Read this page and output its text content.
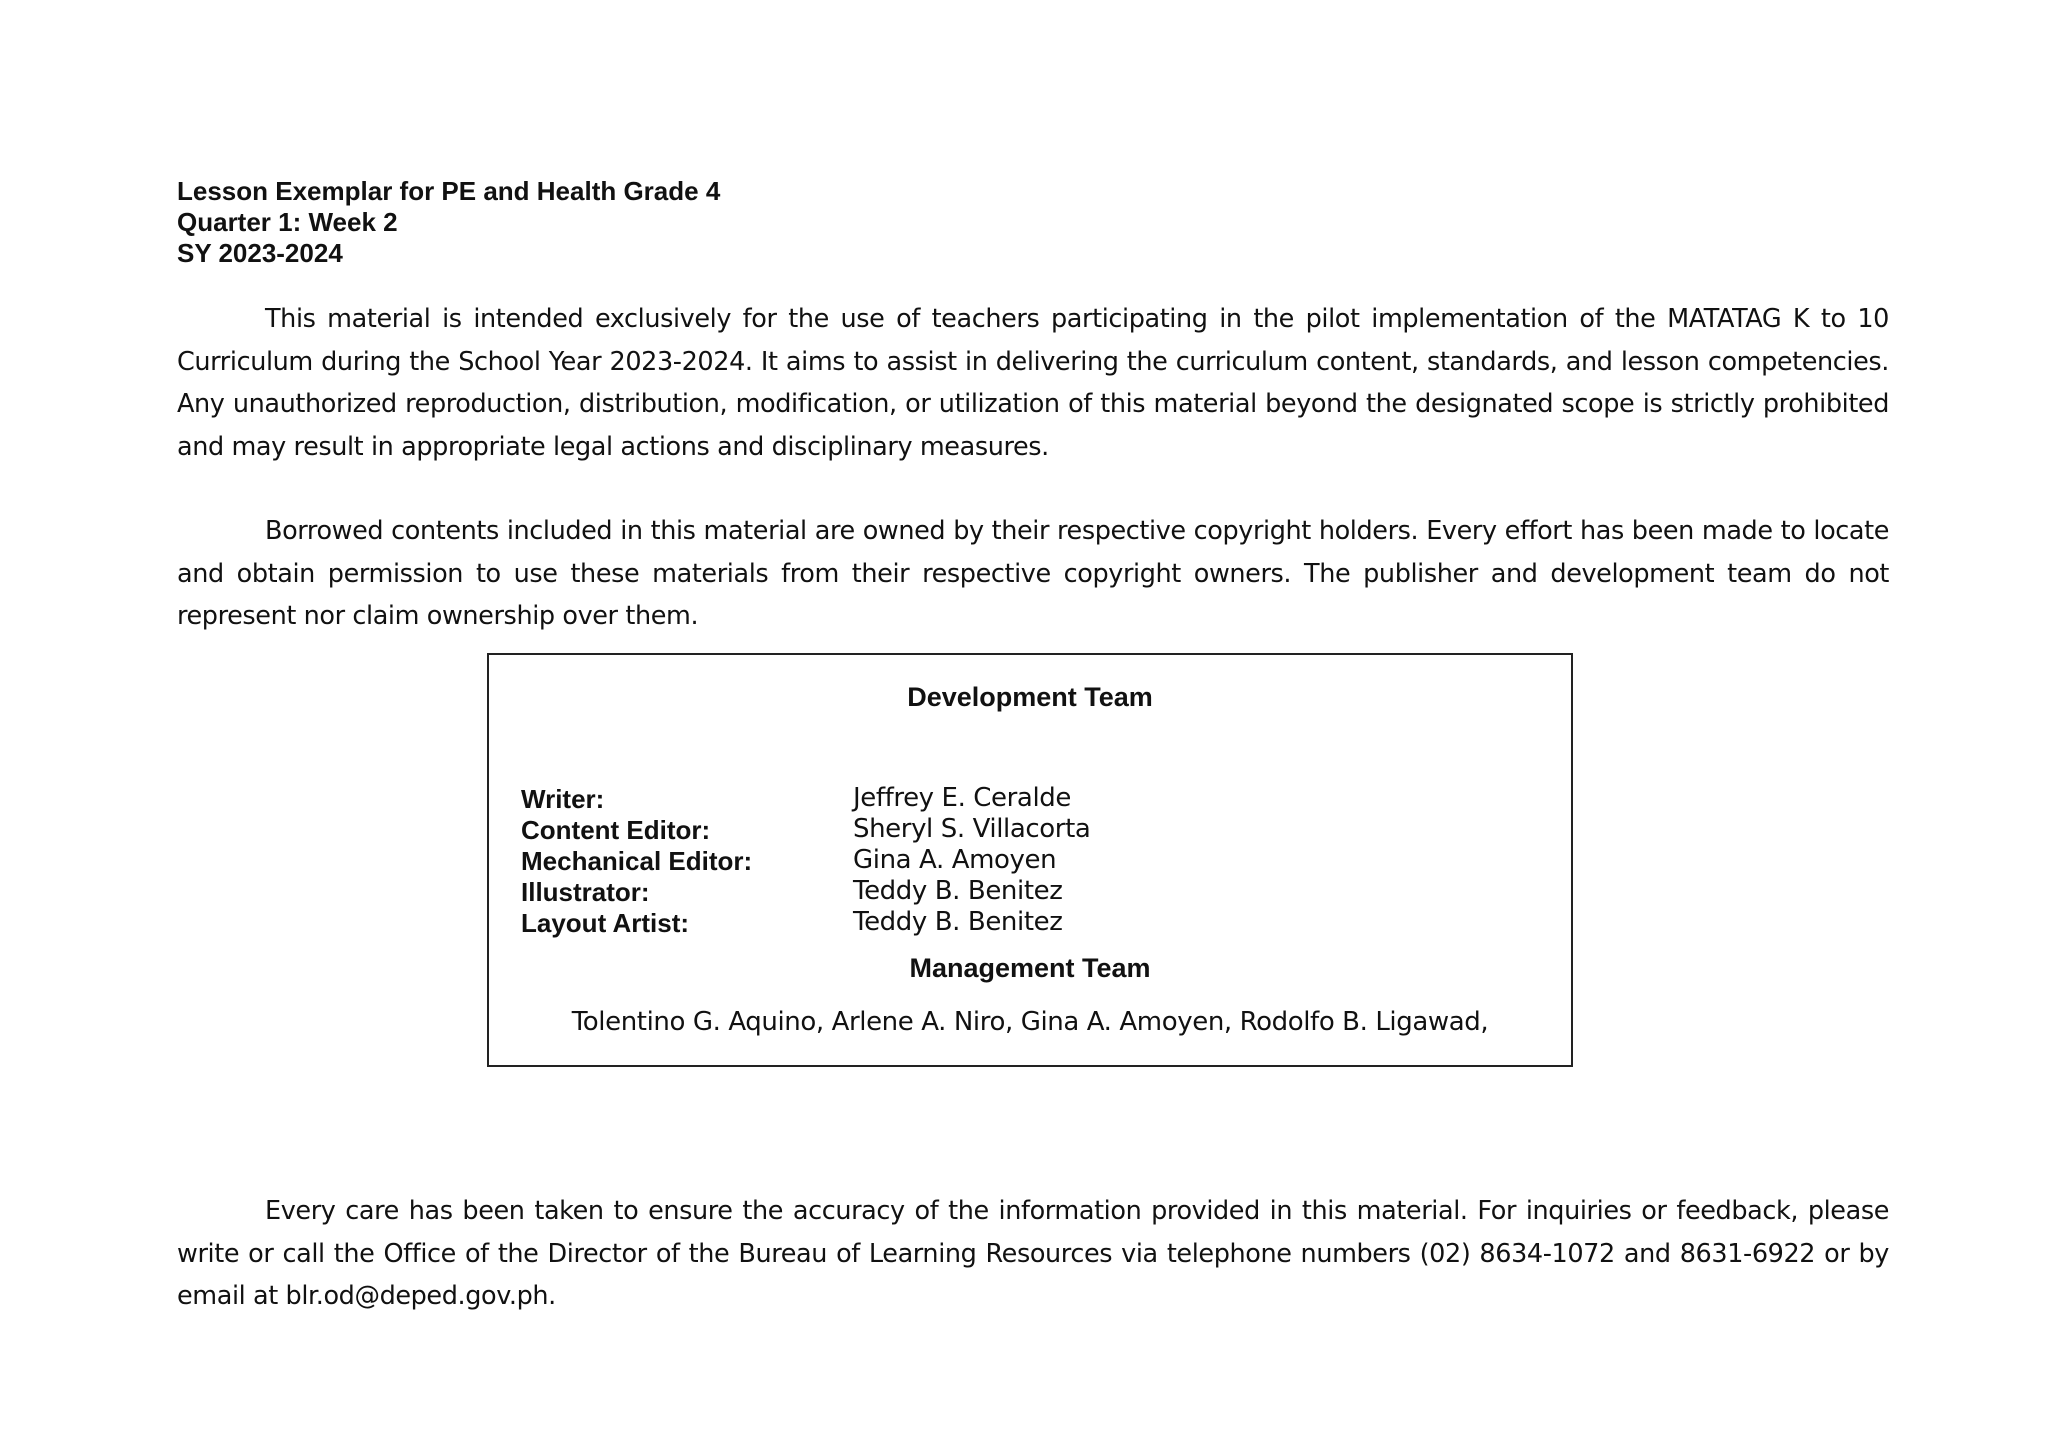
Lesson Exemplar for PE and Health Grade 4
Quarter 1: Week 2
SY 2023-2024

This material is intended exclusively for the use of teachers participating in the pilot implementation of the MATATAG K to 10 Curriculum during the School Year 2023-2024. It aims to assist in delivering the curriculum content, standards, and lesson competencies. Any unauthorized reproduction, distribution, modification, or utilization of this material beyond the designated scope is strictly prohibited and may result in appropriate legal actions and disciplinary measures.

Borrowed contents included in this material are owned by their respective copyright holders. Every effort has been made to locate and obtain permission to use these materials from their respective copyright owners. The publisher and development team do not represent nor claim ownership over them.

Development Team
Writer:	Jeffrey E. Ceralde
Content Editor:	Sheryl S. Villacorta
Mechanical Editor:	Gina A. Amoyen
Illustrator:	Teddy B. Benitez
Layout Artist:	Teddy B. Benitez
Management Team
Tolentino G. Aquino, Arlene A. Niro, Gina A. Amoyen, Rodolfo B. Ligawad,

Every care has been taken to ensure the accuracy of the information provided in this material. For inquiries or feedback, please write or call the Office of the Director of the Bureau of Learning Resources via telephone numbers (02) 8634-1072 and 8631-6922 or by email at blr.od@deped.gov.ph.
